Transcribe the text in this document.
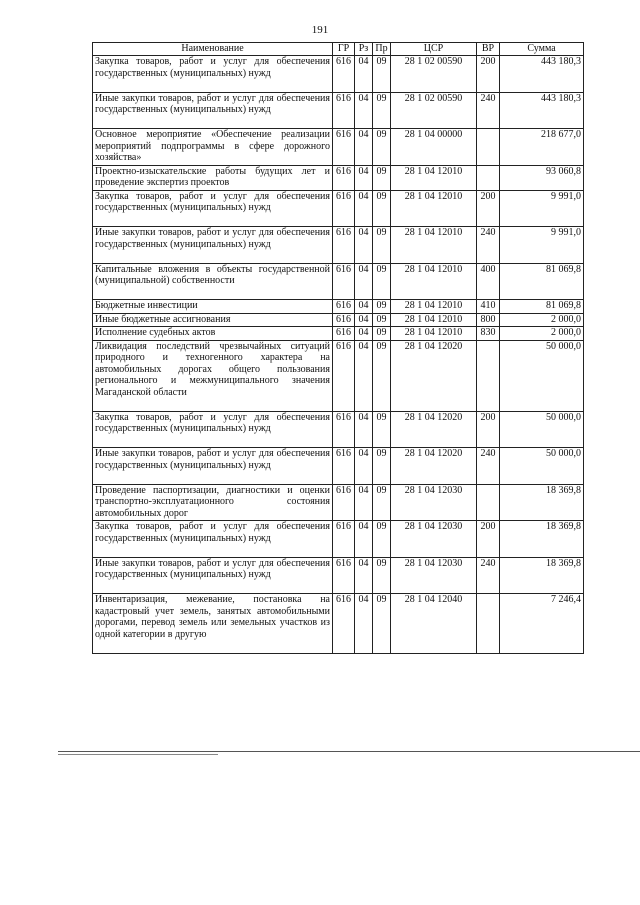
191
Наименование	ГР	Рз	Пр	ЦСР	ВР	Сумма
Закупка товаров, работ и услуг для обеспечения государственных (муниципальных) нужд	616	04	09	28 1 02 00590	200	443 180,3
Иные закупки товаров, работ и услуг для обеспечения государственных (муниципальных) нужд	616	04	09	28 1 02 00590	240	443 180,3
Основное мероприятие «Обеспечение реализации мероприятий подпрограммы в сфере дорожного хозяйства»	616	04	09	28 1 04 00000		218 677,0
Проектно-изыскательские работы будущих лет и проведение экспертиз проектов	616	04	09	28 1 04 12010		93 060,8
Закупка товаров, работ и услуг для обеспечения государственных (муниципальных) нужд	616	04	09	28 1 04 12010	200	9 991,0
Иные закупки товаров, работ и услуг для обеспечения государственных (муниципальных) нужд	616	04	09	28 1 04 12010	240	9 991,0
Капитальные вложения в объекты государственной (муниципальной) собственности	616	04	09	28 1 04 12010	400	81 069,8
Бюджетные инвестиции	616	04	09	28 1 04 12010	410	81 069,8
Иные бюджетные ассигнования	616	04	09	28 1 04 12010	800	2 000,0
Исполнение судебных актов	616	04	09	28 1 04 12010	830	2 000,0
Ликвидация последствий чрезвычайных ситуаций природного и техногенного характера на автомобильных дорогах общего пользования регионального и межмуниципального значения Магаданской области	616	04	09	28 1 04 12020		50 000,0
Закупка товаров, работ и услуг для обеспечения государственных (муниципальных) нужд	616	04	09	28 1 04 12020	200	50 000,0
Иные закупки товаров, работ и услуг для обеспечения государственных (муниципальных) нужд	616	04	09	28 1 04 12020	240	50 000,0
Проведение паспортизации, диагностики и оценки транспортно-эксплуатационного состояния автомобильных дорог	616	04	09	28 1 04 12030		18 369,8
Закупка товаров, работ и услуг для обеспечения государственных (муниципальных) нужд	616	04	09	28 1 04 12030	200	18 369,8
Иные закупки товаров, работ и услуг для обеспечения государственных (муниципальных) нужд	616	04	09	28 1 04 12030	240	18 369,8
Инвентаризация, межевание, постановка на кадастровый учет земель, занятых автомобильными дорогами, перевод земель или земельных участков из одной категории в другую	616	04	09	28 1 04 12040		7 246,4
